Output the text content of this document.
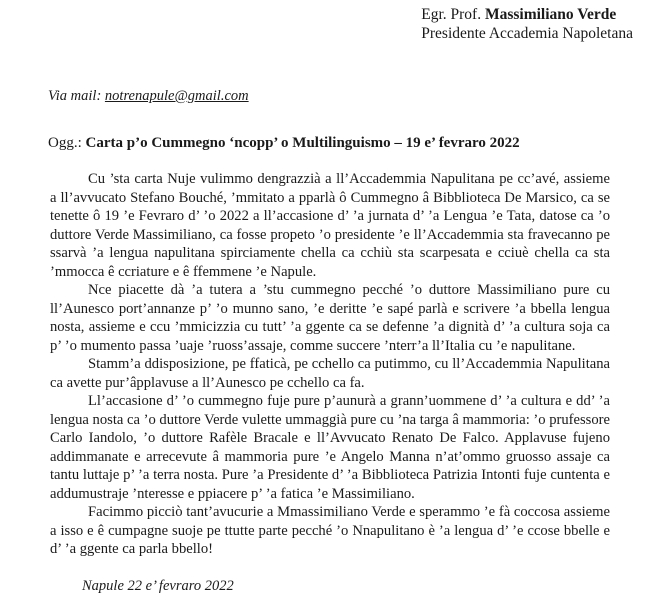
Egr. Prof. Massimiliano Verde
Presidente Accademia Napoletana
Via mail: notrenapule@gmail.com
Ogg.: Carta p’o Cummegno ‘ncopp’ o Multilinguismo – 19 e’ fevraro 2022

Cu ’sta carta Nuje vulimmo dengrazzià a ll’Accademmia Napulitana pe cc’avé, assieme a ll’avvucato Stefano Bouché, ’mmitato a pparlà ô Cummegno â Bibblioteca De Marsico, ca se tenette ô 19 ’e Fevraro d’ ’o 2022 a ll’accasione d’ ’a jurnata d’ ’a Lengua ’e Tata, datose ca ’o duttore Verde Massimiliano, ca fosse propeto ’o presidente ’e ll’Accademmia sta fravecanno pe ssarvà ’a lengua napulitana spirciamente chella ca cchiù sta scarpesata e cciuè chella ca sta ’mmocca ê ccriature e ê ffemmene ’e Napule.

Nce piacette dà ’a tutera a ’stu cummegno pecché ’o duttore Massimiliano pure cu ll’Aunesco port’annanze p’ ’o munno sano, ’e deritte ’e sapé parlà e scrivere ’a bbella lengua nosta, assieme e ccu ’mmicizzia cu tutt’ ’a ggente ca se defenne ’a dignità d’ ’a cultura soja ca p’ ’o mumento passa ’uaje ’ruoss’assaje, comme succere ’nterr’a ll’Italia cu ’e napulitane.

Stamm’a ddisposizione, pe ffaticà, pe cchello ca putimmo, cu ll’Accademmia Napulitana ca avette pur’âpplavuse a ll’Aunesco pe cchello ca fa.

Ll’accasione d’ ’o cummegno fuje pure p’aunurà a grann’uommene d’ ’a cultura e dd’ ’a lengua nosta ca ’o duttore Verde vulette ummaggià pure cu ’na targa â mammoria: ’o prufessore Carlo Iandolo, ’o duttore Rafèle Bracale e ll’Avvucato Renato De Falco. Applavuse fujeno addimmanate e arrecevute â mammoria pure ’e Angelo Manna n’at’ommo gruosso assaje ca tantu luttaje p’ ’a terra nosta. Pure ’a Presidente d’ ’a Bibblioteca Patrizia Intonti fuje cuntenta e addumustraje ’nteresse e ppiacere p’ ’a fatica ’e Massimiliano.

Facimmo picciò tant’avucurie a Mmassimiliano Verde e sperammo ’e fà coccosa assieme a isso e ê cumpagne suoje pe ttutte parte pecché ’o Nnapulitano è ’a lengua d’ ’e ccose bbelle e d’ ’a ggente ca parla bbello!

Napule 22 e’ fevraro 2022
